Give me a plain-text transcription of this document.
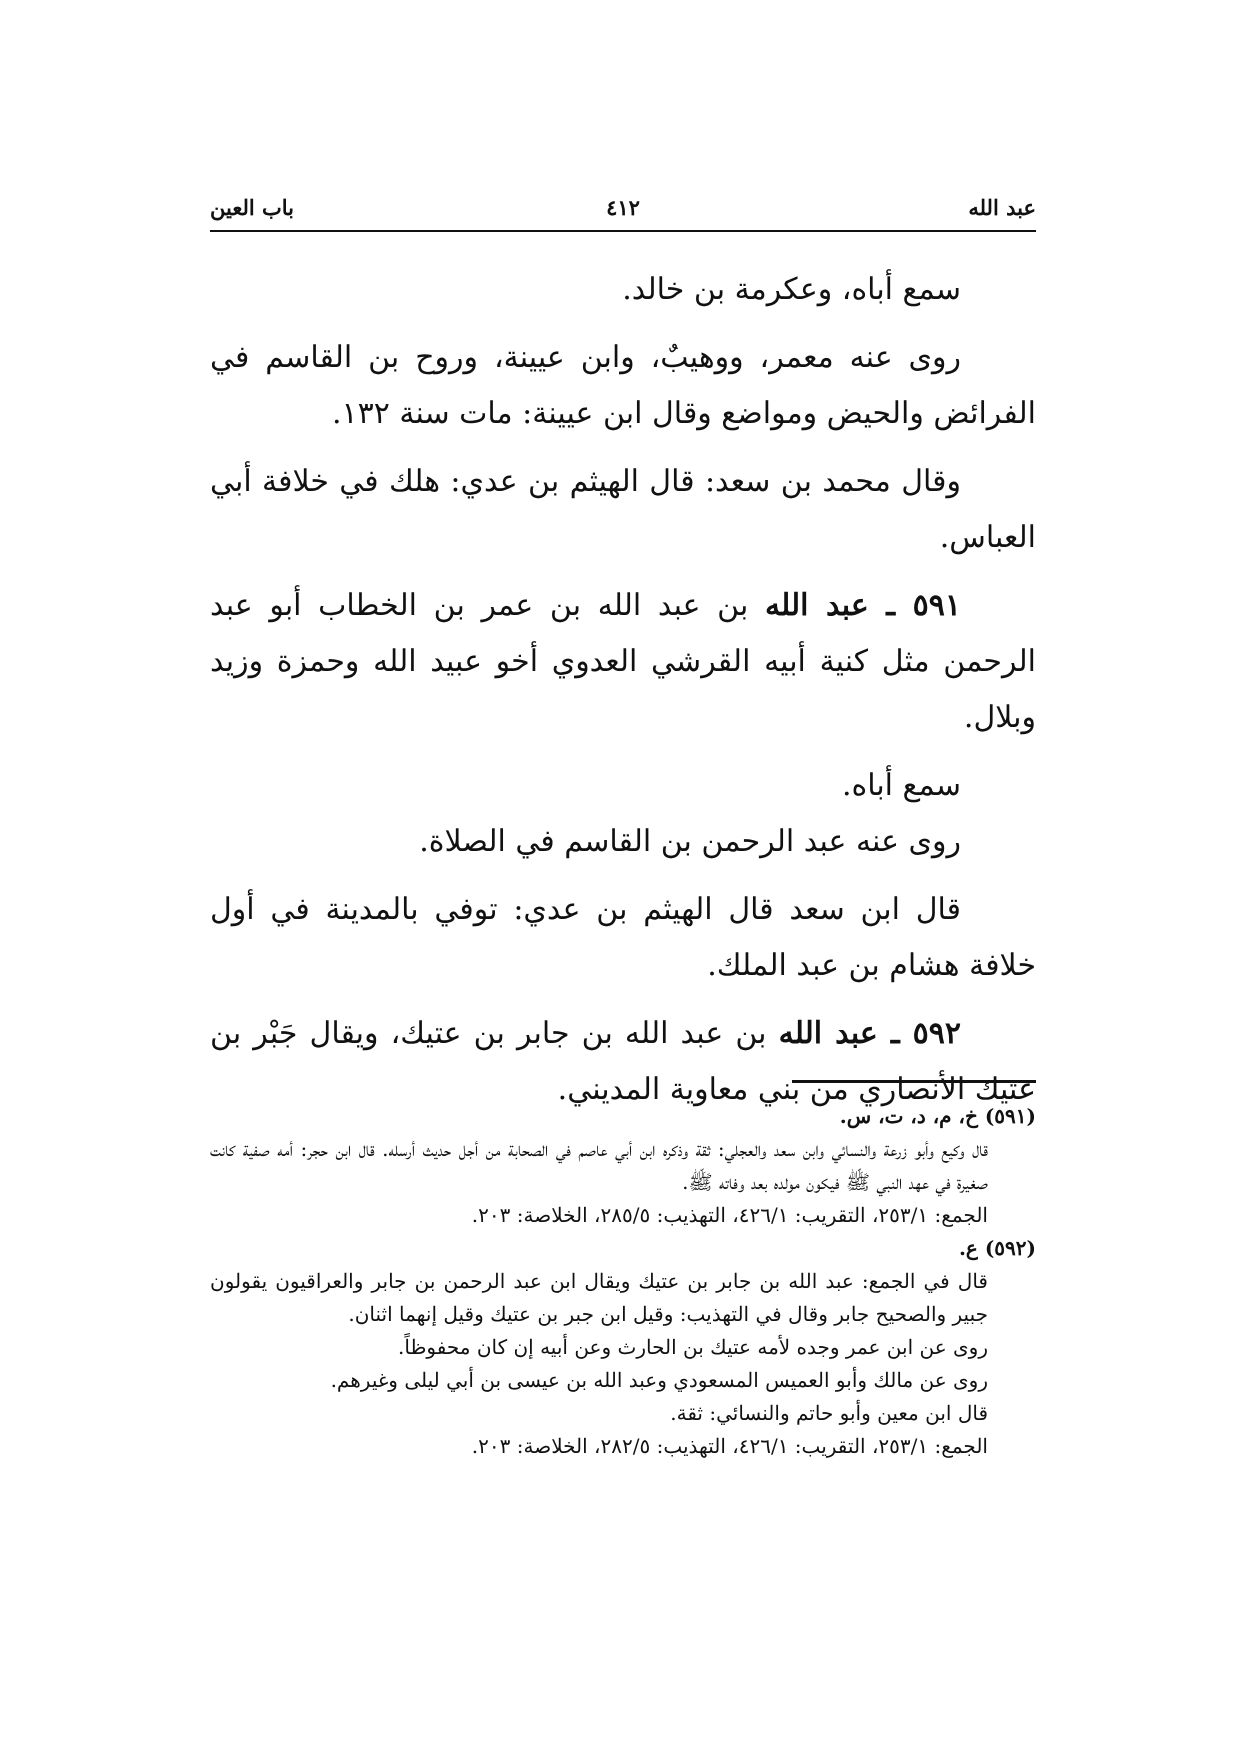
عبد الله
٤١٢
باب العين

سمع أباه، وعكرمة بن خالد.

روى عنه معمر، ووهيبٌ، وابن عيينة، وروح بن القاسم في الفرائض والحيض ومواضع وقال ابن عيينة: مات سنة ١٣٢.

وقال محمد بن سعد: قال الهيثم بن عدي: هلك في خلافة أبي العباس.

٥٩١ ـ عبد الله بن عبد الله بن عمر بن الخطاب أبو عبد الرحمن مثل كنية أبيه القرشي العدوي أخو عبيد الله وحمزة وزيد وبلال.

سمع أباه.

روى عنه عبد الرحمن بن القاسم في الصلاة.

قال ابن سعد قال الهيثم بن عدي: توفي بالمدينة في أول خلافة هشام بن عبد الملك.

٥٩٢ ـ عبد الله بن عبد الله بن جابر بن عتيك، ويقال جَبْر بن عتيك الأنصاري من بني معاوية المديني.

(٥٩١) خ، م، د، ت، س.

قال وكيع وأبو زرعة والنسائي وابن سعد والعجلي: ثقة وذكره ابن أبي عاصم في الصحابة من أجل حديث أرسله. قال ابن حجر: أمه صفية كانت صغيرة في عهد النبي ﷺ فيكون مولده بعد وفاته ﷺ.

الجمع: ٢٥٣/١، التقريب: ٤٢٦/١، التهذيب: ٢٨٥/٥، الخلاصة: ٢٠٣.

(٥٩٢) ع.

قال في الجمع: عبد الله بن جابر بن عتيك ويقال ابن عبد الرحمن بن جابر والعراقيون يقولون جبير والصحيح جابر وقال في التهذيب: وقيل ابن جبر بن عتيك وقيل إنهما اثنان.

روى عن ابن عمر وجده لأمه عتيك بن الحارث وعن أبيه إن كان محفوظاً.

روى عن مالك وأبو العميس المسعودي وعبد الله بن عيسى بن أبي ليلى وغيرهم.

قال ابن معين وأبو حاتم والنسائي: ثقة.

الجمع: ٢٥٣/١، التقريب: ٤٢٦/١، التهذيب: ٢٨٢/٥، الخلاصة: ٢٠٣.
